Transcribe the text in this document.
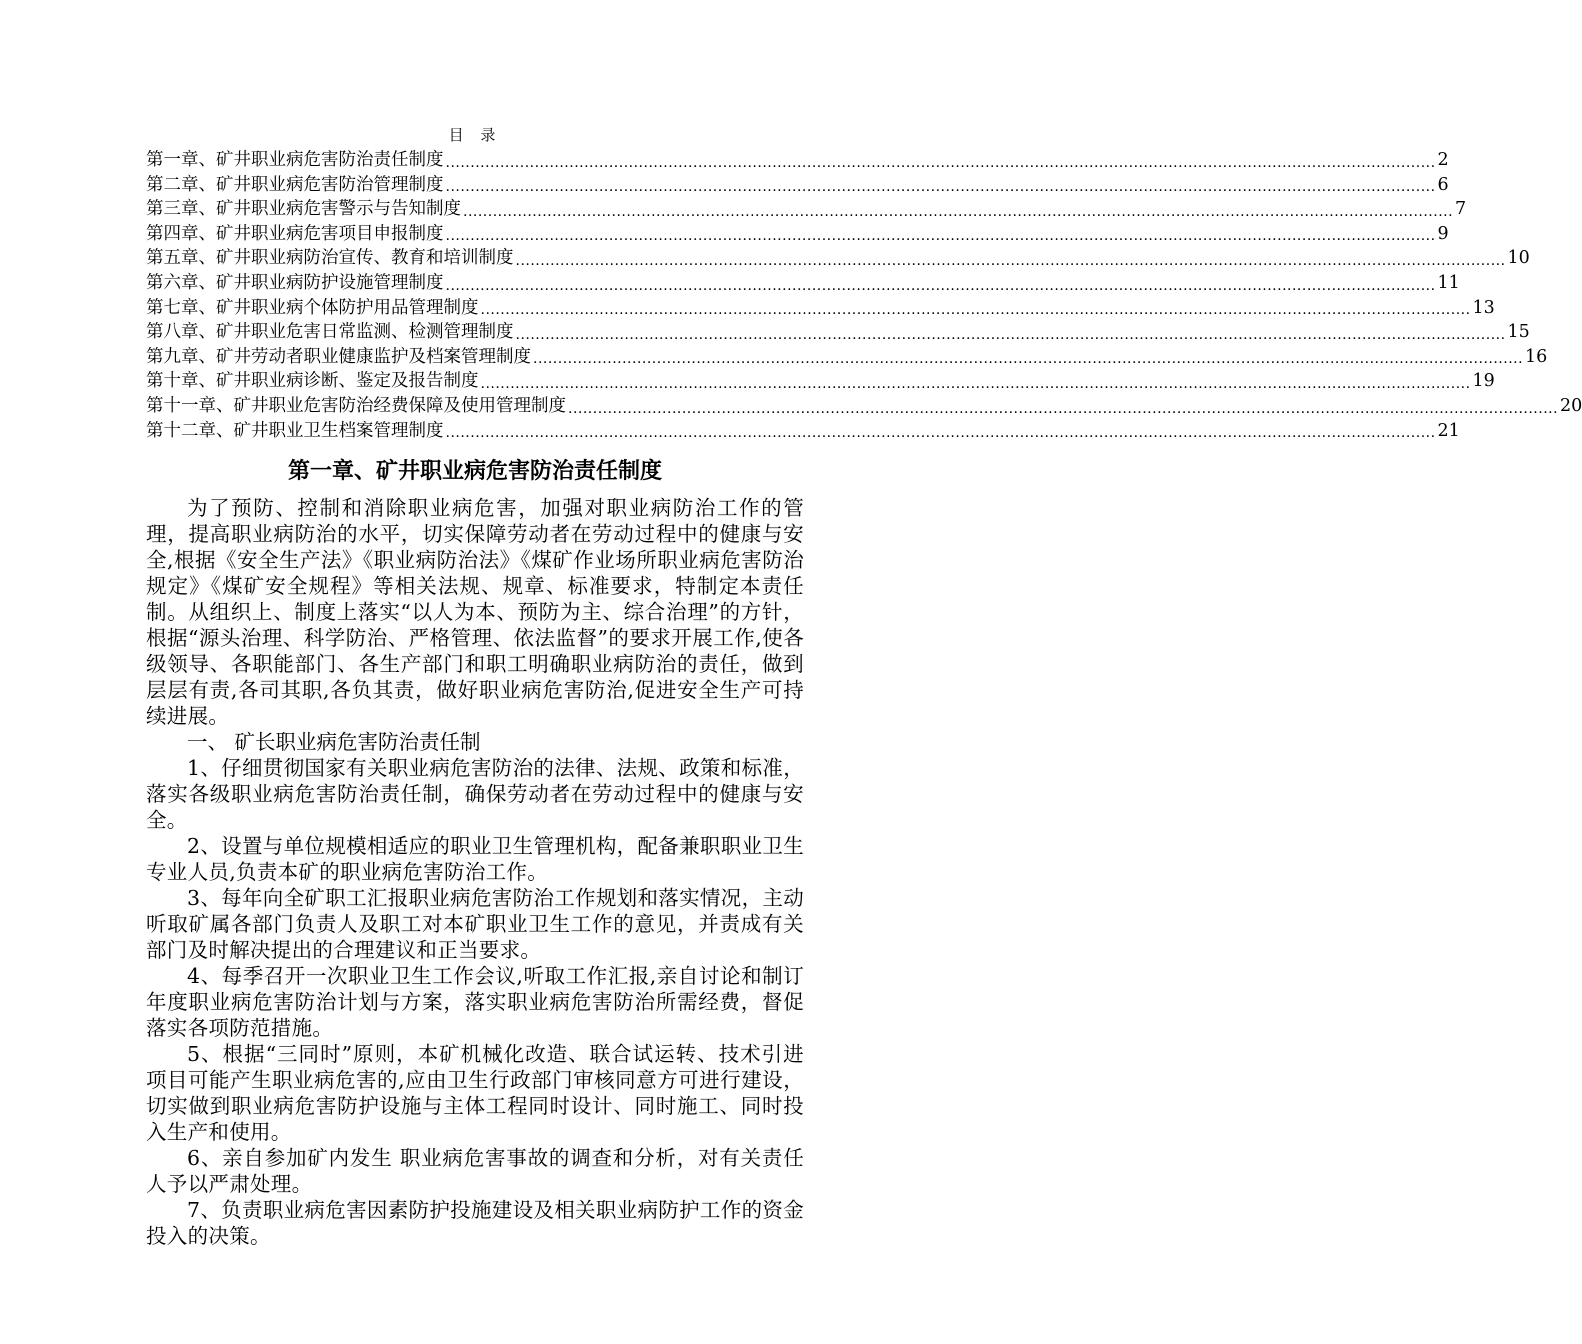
目 录
第一章、矿井职业病危害防治责任制度 ........................................................................................................................................................................................................ 2
第二章、矿井职业病危害防治管理制度 ........................................................................................................................................................................................................ 6
第三章、矿井职业病危害警示与告知制度 ........................................................................................................................................................................................................ 7
第四章、矿井职业病危害项目申报制度 ........................................................................................................................................................................................................ 9
第五章、矿井职业病防治宣传、教育和培训制度 ........................................................................................................................................................................................................ 10
第六章、矿井职业病防护设施管理制度 ........................................................................................................................................................................................................ 11
第七章、矿井职业病个体防护用品管理制度 ........................................................................................................................................................................................................ 13
第八章、矿井职业危害日常监测、检测管理制度 ........................................................................................................................................................................................................ 15
第九章、矿井劳动者职业健康监护及档案管理制度 ........................................................................................................................................................................................................ 16
第十章、矿井职业病诊断、鉴定及报告制度 ........................................................................................................................................................................................................ 19
第十一章、矿井职业危害防治经费保障及使用管理制度 ........................................................................................................................................................................................................ 20
第十二章、矿井职业卫生档案管理制度 ........................................................................................................................................................................................................ 21
第一章、矿井职业病危害防治责任制度

为了预防、控制和消除职业病危害，加强对职业病防治工作的管理，提高职业病防治的水平，切实保障劳动者在劳动过程中的健康与安全,根据《安全生产法》《职业病防治法》《煤矿作业场所职业病危害防治规定》《煤矿安全规程》等相关法规、规章、标准要求，特制定本责任制。从组织上、制度上落实“以人为本、预防为主、综合治理”的方针，根据“源头治理、科学防治、严格管理、依法监督”的要求开展工作,使各级领导、各职能部门、各生产部门和职工明确职业病防治的责任，做到层层有责,各司其职,各负其责，做好职业病危害防治,促进安全生产可持续进展。

一、 矿长职业病危害防治责任制

1、仔细贯彻国家有关职业病危害防治的法律、法规、政策和标准，落实各级职业病危害防治责任制，确保劳动者在劳动过程中的健康与安全。

2、设置与单位规模相适应的职业卫生管理机构，配备兼职职业卫生专业人员,负责本矿的职业病危害防治工作。

3、每年向全矿职工汇报职业病危害防治工作规划和落实情况，主动听取矿属各部门负责人及职工对本矿职业卫生工作的意见，并责成有关部门及时解决提出的合理建议和正当要求。

4、每季召开一次职业卫生工作会议,听取工作汇报,亲自讨论和制订年度职业病危害防治计划与方案，落实职业病危害防治所需经费，督促落实各项防范措施。

5、根据“三同时”原则，本矿机械化改造、联合试运转、技术引进项目可能产生职业病危害的,应由卫生行政部门审核同意方可进行建设，切实做到职业病危害防护设施与主体工程同时设计、同时施工、同时投入生产和使用。

6、亲自参加矿内发生 职业病危害事故的调查和分析，对有关责任人予以严肃处理。

7、负责职业病危害因素防护投施建设及相关职业病防护工作的资金投入的决策。
